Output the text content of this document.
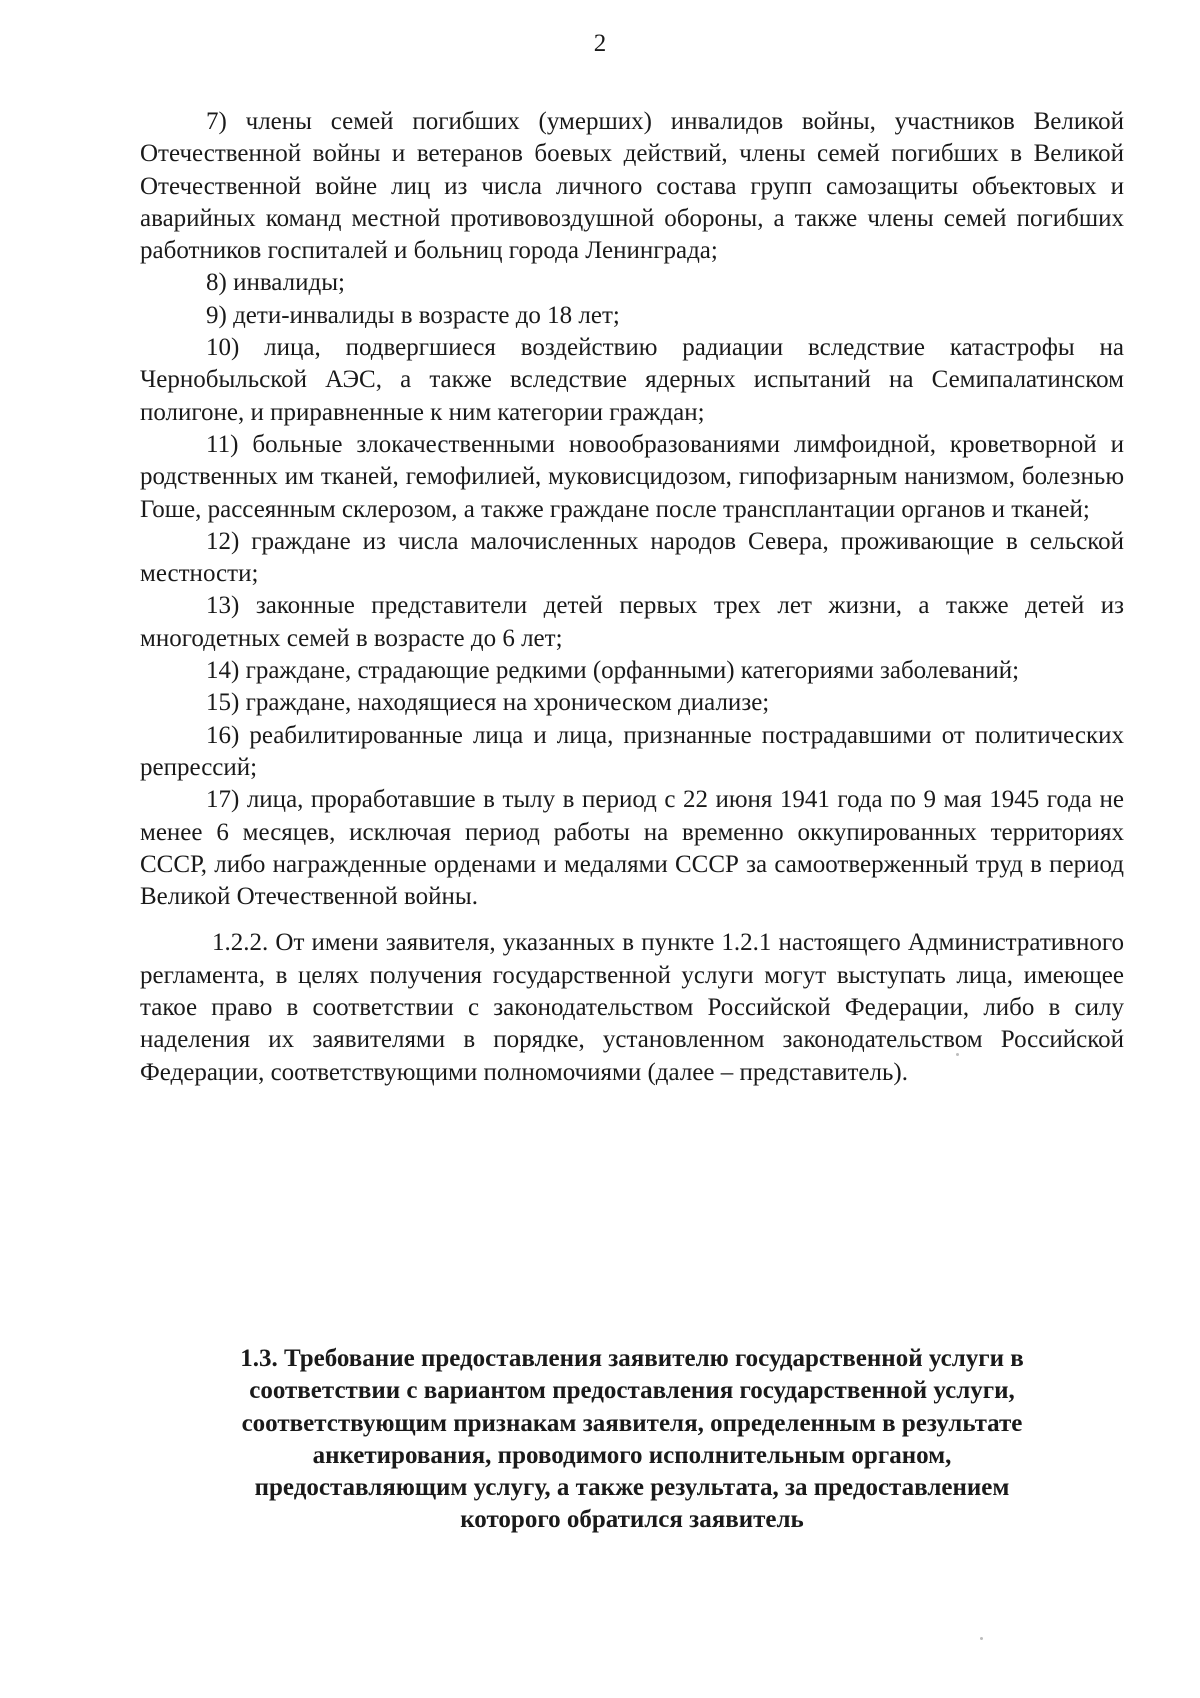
2

7) члены семей погибших (умерших) инвалидов войны, участников Великой Отечественной войны и ветеранов боевых действий, члены семей погибших в Великой Отечественной войне лиц из числа личного состава групп самозащиты объектовых и аварийных команд местной противовоздушной обороны, а также члены семей погибших работников госпиталей и больниц города Ленинграда;

8) инвалиды;

9) дети-инвалиды в возрасте до 18 лет;

10) лица, подвергшиеся воздействию радиации вследствие катастрофы на Чернобыльской АЭС, а также вследствие ядерных испытаний на Семипалатинском полигоне, и приравненные к ним категории граждан;

11) больные злокачественными новообразованиями лимфоидной, кроветворной и родственных им тканей, гемофилией, муковисцидозом, гипофизарным нанизмом, болезнью Гоше, рассеянным склерозом, а также граждане после трансплантации органов и тканей;

12) граждане из числа малочисленных народов Севера, проживающие в сельской местности;

13) законные представители детей первых трех лет жизни, а также детей из многодетных семей в возрасте до 6 лет;

14) граждане, страдающие редкими (орфанными) категориями заболеваний;

15) граждане, находящиеся на хроническом диализе;

16) реабилитированные лица и лица, признанные пострадавшими от политических репрессий;

17) лица, проработавшие в тылу в период с 22 июня 1941 года по 9 мая 1945 года не менее 6 месяцев, исключая период работы на временно оккупированных территориях СССР, либо награжденные орденами и медалями СССР за самоотверженный труд в период Великой Отечественной войны.

1.2.2. От имени заявителя, указанных в пункте 1.2.1 настоящего Административного регламента, в целях получения государственной услуги могут выступать лица, имеющее такое право в соответствии с законодательством Российской Федерации, либо в силу наделения их заявителями в порядке, установленном законодательством Российской Федерации, соответствующими полномочиями (далее – представитель).

1.3. Требование предоставления заявителю государственной услуги в
соответствии с вариантом предоставления государственной услуги,
соответствующим признакам заявителя, определенным в результате
анкетирования, проводимого исполнительным органом,
предоставляющим услугу, а также результата, за предоставлением
которого обратился заявитель
